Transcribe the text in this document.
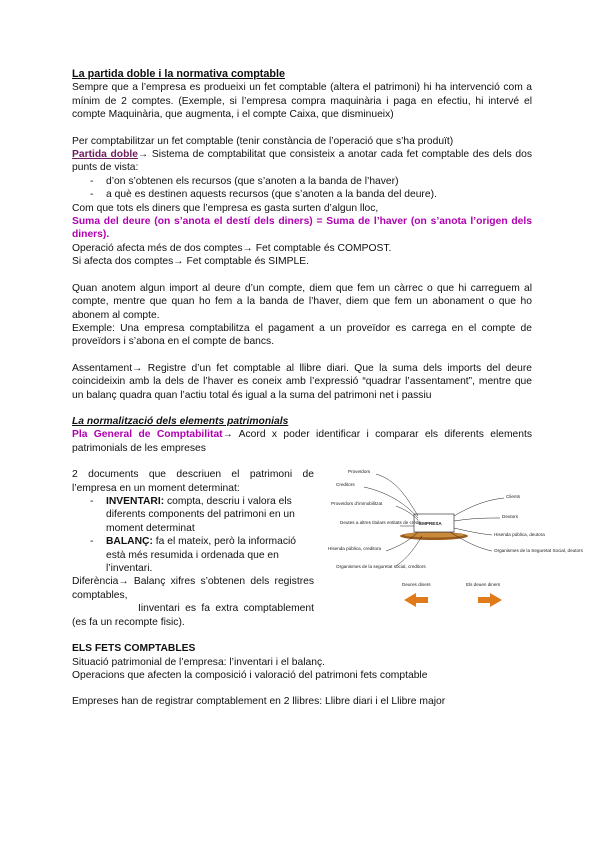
La partida doble i la normativa comptable

Sempre que a l’empresa es produeixi un fet comptable (altera el patrimoni) hi ha intervenció com a mínim de 2 comptes. (Exemple, si l’empresa compra maquinària i paga en efectiu, hi intervé el compte Maquinària, que augmenta, i el compte Caixa, que disminueix)

Per comptabilitzar un fet comptable (tenir constància de l’operació que s’ha produït)

Partida doble→ Sistema de comptabilitat que consisteix a anotar cada fet comptable des dels dos punts de vista:

- d’on s’obtenen els recursos (que s’anoten a la banda de l’haver)
- a què es destinen aquests recursos (que s’anoten a la banda del deure).

Com que tots els diners que l’empresa es gasta surten d’algun lloc,

Suma del deure (on s’anota el destí dels diners) = Suma de l’haver (on s’anota l’origen dels diners).

Operació afecta més de dos comptes→ Fet comptable és COMPOST.

Si afecta dos comptes→ Fet comptable és SIMPLE.

Quan anotem algun import al deure d’un compte, diem que fem un càrrec o que hi carreguem al compte, mentre que quan ho fem a la banda de l’haver, diem que fem un abonament o que ho abonem al compte.

Exemple: Una empresa comptabilitza el pagament a un proveïdor es carrega en el compte de proveïdors i s’abona en el compte de bancs.

Assentament→ Registre d’un fet comptable al llibre diari. Que la suma dels imports del deure coincideixin amb la dels de l’haver es coneix amb l’expressió “quadrar l’assentament”, mentre que un balanç quadra quan l’actiu total és igual a la suma del patrimoni net i passiu

La normalització dels elements patrimonials

Pla General de Comptabilitat→ Acord x poder identificar i comparar els diferents elements patrimonials de les empreses

2 documents que descriuen el patrimoni de l’empresa en un moment determinat:

- INVENTARI: compta, descriu i valora els diferents components del patrimoni en un moment determinat
- BALANÇ: fa el mateix, però la informació està més resumida i ordenada que en l’inventari.

Diferència→ Balanç xifres s’obtenen dels registres comptables,

Iinventari es fa extra comptablement (es fa un recompte fisic).

EMPRESA
Proveïdors
Creditors
Proveïdors d’immobilitzat
Deutes a altres titulars entitats de crèdit
Hisenda pública, creditora
Organismes de la seguretat social, creditors
Clients
Deutors
Hisenda pública, deutora
Organismes de la Seguretat Social, deutors
Deures diners	Els deuen diners

ELS FETS COMPTABLES

Situació patrimonial de l’empresa: l’inventari i el balanç.

Operacions que afecten la composició i valoració del patrimoni fets comptable

Empreses han de registrar comptablement en 2 llibres: Llibre diari i el Llibre major
